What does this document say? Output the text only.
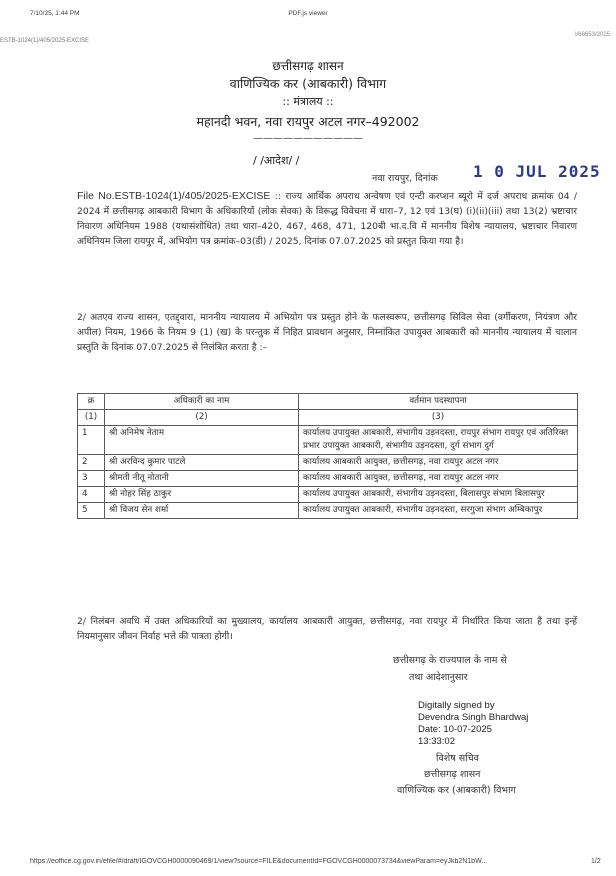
7/10/25, 1:44 PM	PDF.js viewer
ESTB-1024(1)/405/2025-EXCISE
I/68653/2025
छत्तीसगढ़ शासन
वाणिज्यिक कर (आबकारी) विभाग
:: मंत्रालय ::
महानदी भवन, नवा रायपुर अटल नगर–492002
———————————
/ /आदेश/ /
नवा रायपुर, दिनांक 1 0 JUL 2025
File No.ESTB-1024(1)/405/2025-EXCISE :: राज्य आर्थिक अपराध अन्वेषण एवं एन्टी करप्शन ब्यूरो में दर्ज अपराध क्रमांक 04 / 2024 में छत्तीसगढ़ आबकारी विभाग के अधिकारियों (लोक सेवक) के विरूद्ध विवेचना में धारा–7, 12 एवं 13(घ) (i)(ii)(iii) तथा 13(2) भ्रष्टाचार निवारण अधिनियम 1988 (यथासंशोधित) तथा धारा–420, 467, 468, 471, 120बी भा.द.वि में माननीय विशेष न्यायालय, भ्रष्टाचार निवारण अधिनियम जिला रायपुर में, अभियोग पत्र क्रमांक–03(डी) / 2025, दिनांक 07.07.2025 को प्रस्तुत किया गया है।
2/ अतएव राज्य शासन, एतद्द्वारा, माननीय न्यायालय में अभियोग पत्र प्रस्तुत होने के फलस्वरूप, छत्तीसगढ़ सिविल सेवा (वर्गीकरण, नियंत्रण और अपील) नियम, 1966 के नियम 9 (1) (ख) के परन्तुक में निहित प्रावधान अनुसार, निम्नांकित उपायुक्त आबकारी को माननीय न्यायालय में चालान प्रस्तुति के दिनांक 07.07.2025 से निलंबित करता है :–
क्र	अधिकारी का नाम	वर्तमान पदस्थापना
(1)	(2)	(3)
1	श्री अनिमेष नेताम	कार्यालय उपायुक्त आबकारी, संभागीय उड़नदस्ता, रायपुर संभाग रायपुर एवं अतिरिक्त प्रभार उपायुक्त आबकारी, संभागीय उड़नदस्ता, दुर्ग संभाग दुर्ग
2	श्री अरविन्द कुमार पाटले	कार्यालय आबकारी आयुक्त, छत्तीसगढ़, नवा रायपुर अटल नगर
3	श्रीमती नीतू नोतानी	कार्यालय आबकारी आयुक्त, छत्तीसगढ़, नवा रायपुर अटल नगर
4	श्री नोहर सिंह ठाकुर	कार्यालय उपायुक्त आबकारी, संभागीय उड़नदस्ता, बिलासपुर संभाग बिलासपुर
5	श्री विजय सेन शर्मा	कार्यालय उपायुक्त आबकारी, संभागीय उड़नदस्ता, सरगुजा संभाग अम्बिकापुर
2/ निलंबन अवधि में उक्त अधिकारियों का मुख्यालय, कार्यालय आबकारी आयुक्त, छत्तीसगढ़, नवा रायपुर में निर्धारित किया जाता है तथा इन्हें नियमानुसार जीवन निर्वाह भत्ते की पात्रता होगी।
छत्तीसगढ़ के राज्यपाल के नाम से
तथा आदेशानुसार
Digitally signed by
Devendra Singh Bhardwaj
Date: 10-07-2025
13:33:02
विशेष सचिव
छत्तीसगढ़ शासन
वाणिज्यिक कर (आबकारी) विभाग
https://eoffice.cg.gov.in/efile/#/draft/IGOVCGH0000090469/1/view?source=FILE&documentId=FGOVCGH0000073734&viewParam=eyJkb2N1bW...	1/2
